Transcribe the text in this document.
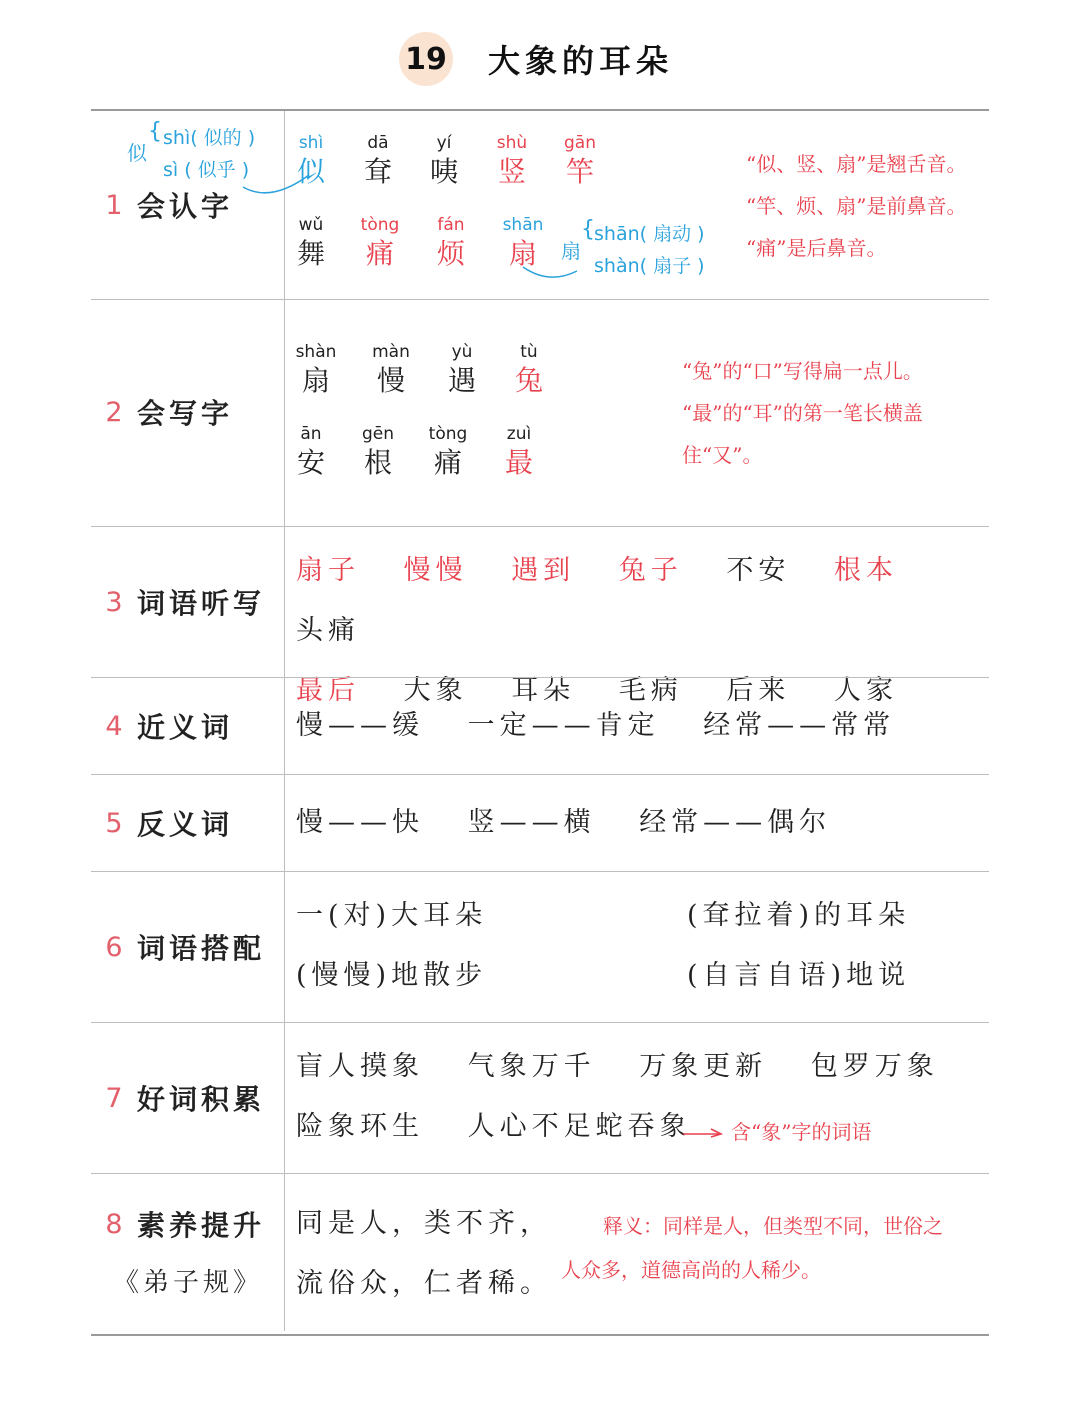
19 大象的耳朵
1 会认字
似
{ shì( 似的 )
sì ( 似乎 )
shì
似
dā
耷
yí
咦
shù
竖
gān
竿
wǔ
舞
tòng
痛
fán
烦
shān
扇	扇
{ shān( 扇动 )
shàn( 扇子 )
“似、竖、扇”是翘舌音。
“竿、烦、扇”是前鼻音。
“痛”是后鼻音。
2 会写字
shàn
扇
màn
慢
yù
遇
tù
兔
ān
安
gēn
根
tòng
痛
zuì
最
“兔”的“口”写得扁一点儿。
“最”的“耳”的第一笔长横盖
住“又”。
3 词语听写
扇子 慢慢 遇到 兔子 不安 根本 头痛
最后 大象 耳朵 毛病 后来 人家
4 近义词 慢——缓 一定——肯定 经常——常常
5 反义词 慢——快 竖——横 经常——偶尔
6 词语搭配
一(对)大耳朵
(慢慢)地散步
(耷拉着)的耳朵
(自言自语)地说
7 好词积累
盲人摸象 气象万千 万象更新 包罗万象
险象环生 人心不足蛇吞象	含“象”字的词语
8 素养提升
《弟子规》
同是人，类不齐，
流俗众，仁者稀。
释义：同样是人，但类型不同，世俗之
人众多，道德高尚的人稀少。
